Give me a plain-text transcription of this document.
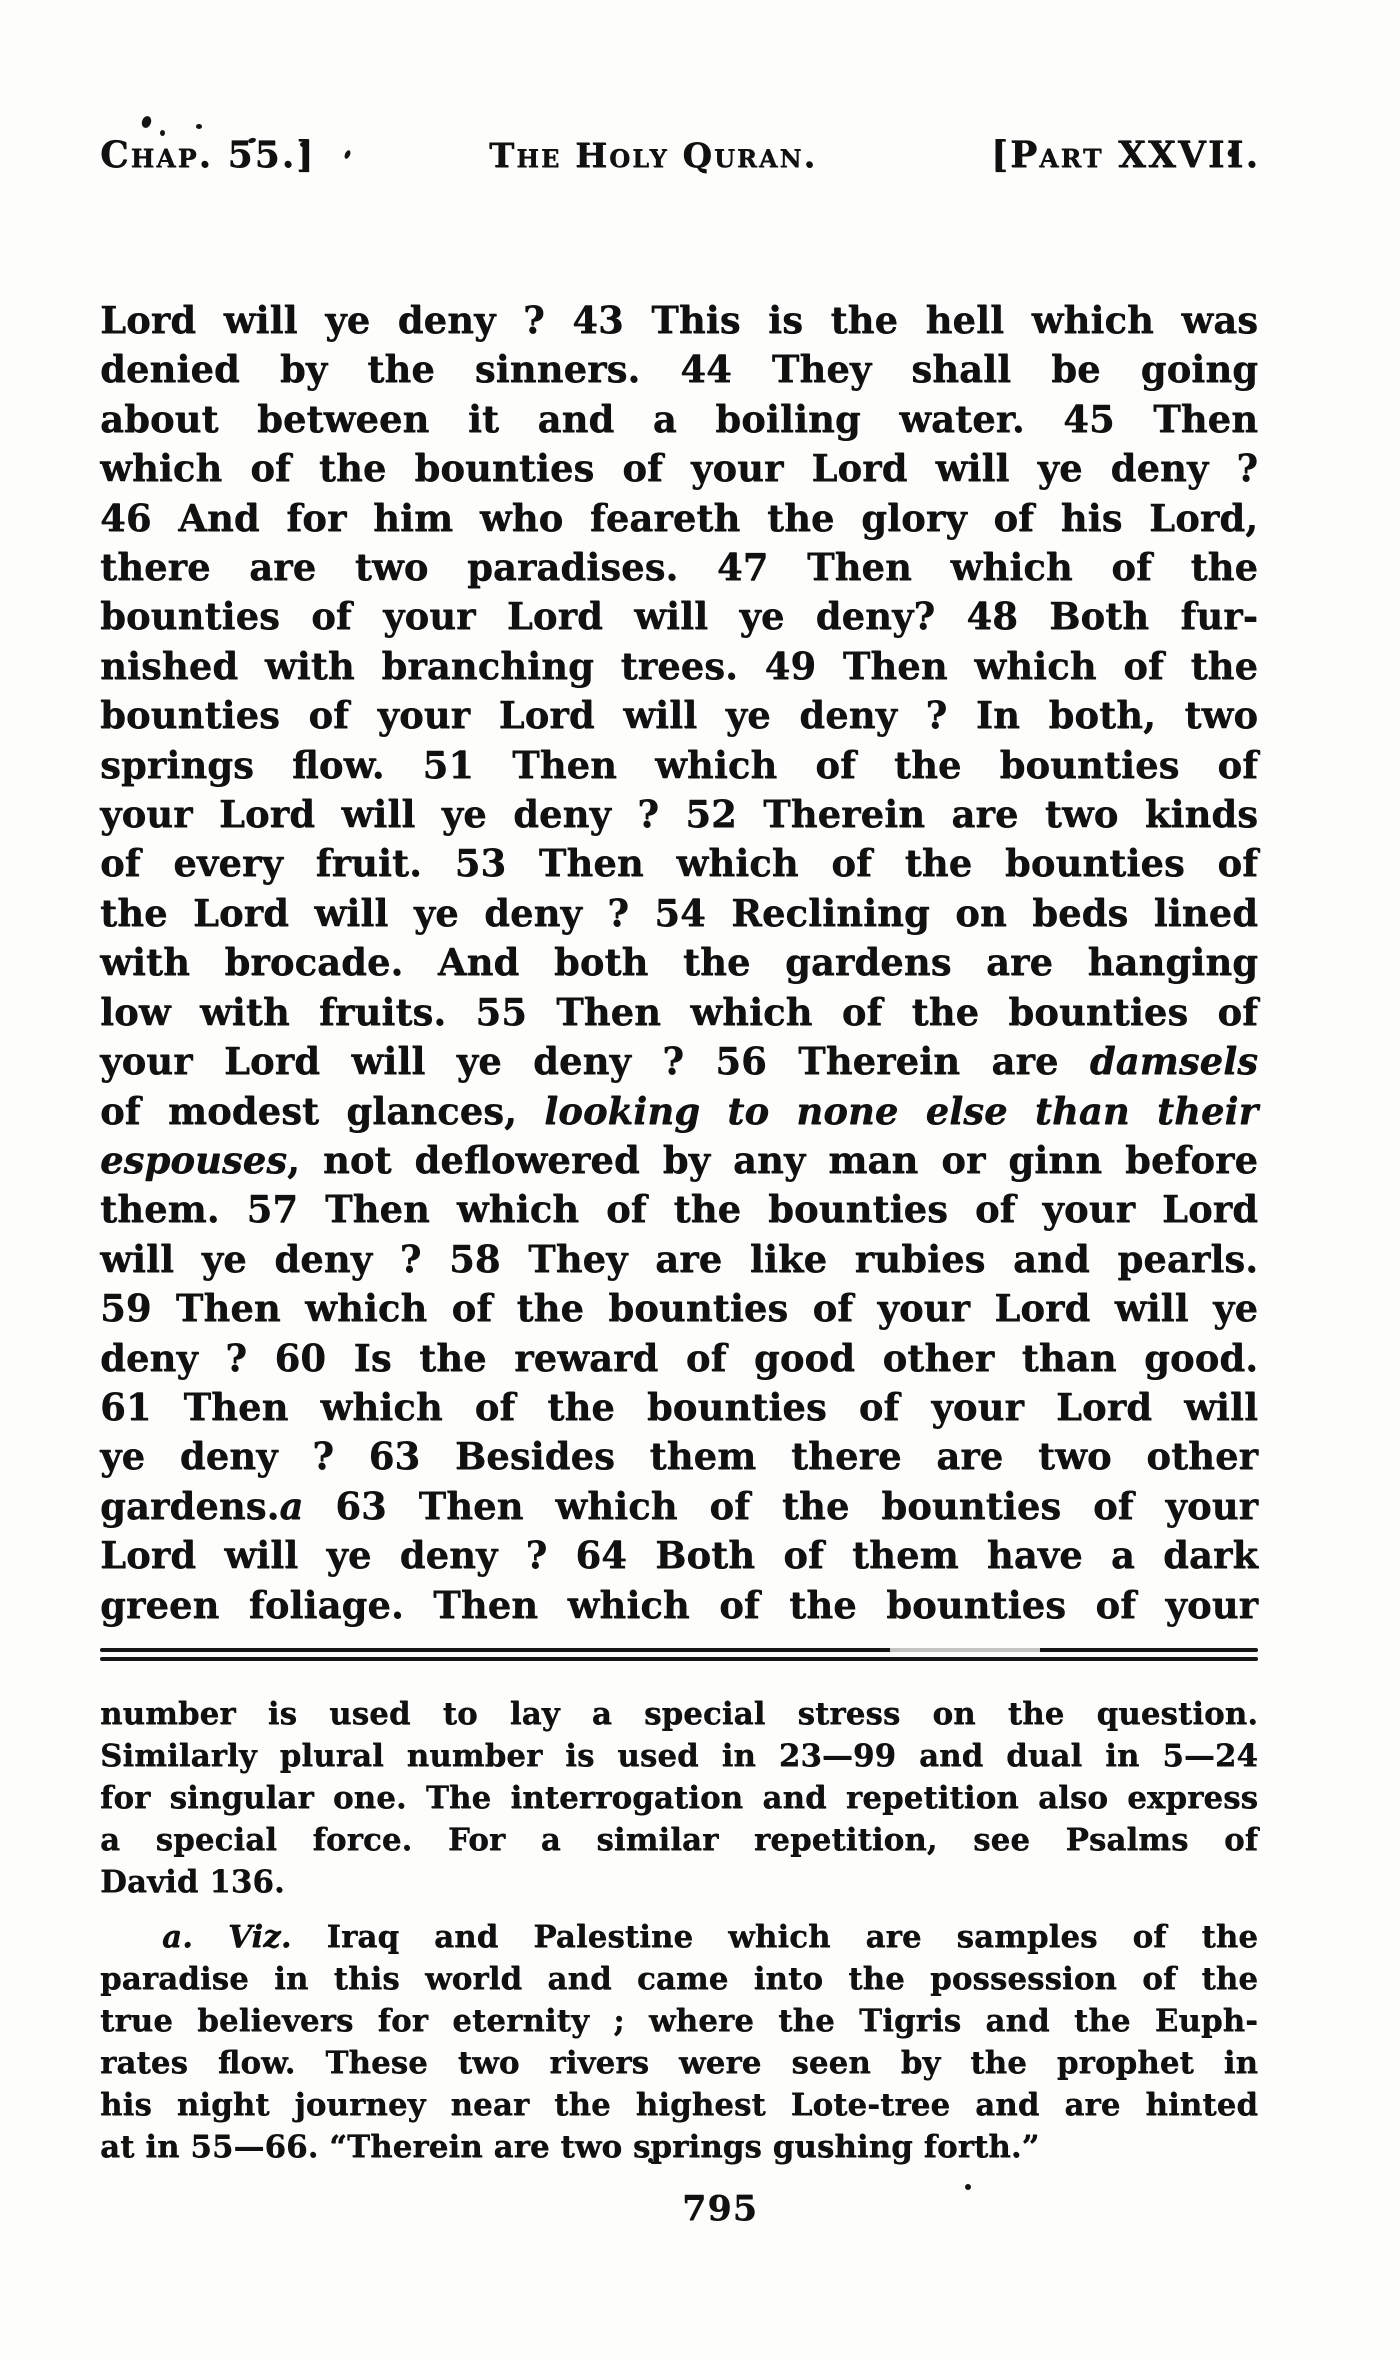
Chap. 55.]	The Holy Quran.	[Part XXVII.
Lord will ye deny ? 43 This is the hell which was
denied by the sinners. 44 They shall be going
about between it and a boiling water. 45 Then
which of the bounties of your Lord will ye deny ?
46 And for him who feareth the glory of his Lord,
there are two paradises. 47 Then which of the
bounties of your Lord will ye deny? 48 Both fur-
nished with branching trees. 49 Then which of the
bounties of your Lord will ye deny ? In both, two
springs flow. 51 Then which of the bounties of
your Lord will ye deny ? 52 Therein are two kinds
of every fruit. 53 Then which of the bounties of
the Lord will ye deny ? 54 Reclining on beds lined
with brocade. And both the gardens are hanging
low with fruits. 55 Then which of the bounties of
your Lord will ye deny ? 56 Therein are damsels
of modest glances, looking to none else than their
espouses, not deflowered by any man or ginn before
them. 57 Then which of the bounties of your Lord
will ye deny ? 58 They are like rubies and pearls.
59 Then which of the bounties of your Lord will ye
deny ? 60 Is the reward of good other than good.
61 Then which of the bounties of your Lord will
ye deny ? 63 Besides them there are two other
gardens.a 63 Then which of the bounties of your
Lord will ye deny ? 64 Both of them have a dark
green foliage. Then which of the bounties of your
number is used to lay a special stress on the question.
Similarly plural number is used in 23—99 and dual in 5—24
for singular one. The interrogation and repetition also express
a special force. For a similar repetition, see Psalms of
David 136.
a. Viz. Iraq and Palestine which are samples of the
paradise in this world and came into the possession of the
true believers for eternity ; where the Tigris and the Euph-
rates flow. These two rivers were seen by the prophet in
his night journey near the highest Lote-tree and are hinted
at in 55—66. “Therein are two springs gushing forth.”
795
